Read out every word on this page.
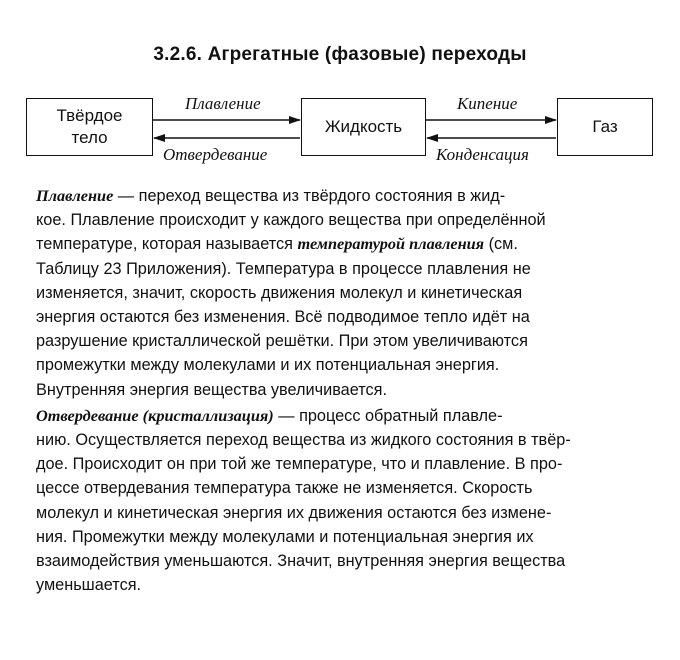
3.2.6. Агрегатные (фазовые) переходы
Твёрдое
тело
Жидкость	Газ
Плавление
Отвердевание
Кипение
Конденсация

Плавление — переход вещества из твёрдого состояния в жид-
кое. Плавление происходит у каждого вещества при определённой
температуре, которая называется температурой плавления (см.
Таблицу 23 Приложения). Температура в процессе плавления не
изменяется, значит, скорость движения молекул и кинетическая
энергия остаются без изменения. Всё подводимое тепло идёт на
разрушение кристаллической решётки. При этом увеличиваются
промежутки между молекулами и их потенциальная энергия.
Внутренняя энергия вещества увеличивается.

Отвердевание (кристаллизация) — процесс обратный плавле-
нию. Осуществляется переход вещества из жидкого состояния в твёр-
дое. Происходит он при той же температуре, что и плавление. В про-
цессе отвердевания температура также не изменяется. Скорость
молекул и кинетическая энергия их движения остаются без измене-
ния. Промежутки между молекулами и потенциальная энергия их
взаимодействия уменьшаются. Значит, внутренняя энергия вещества
уменьшается.
